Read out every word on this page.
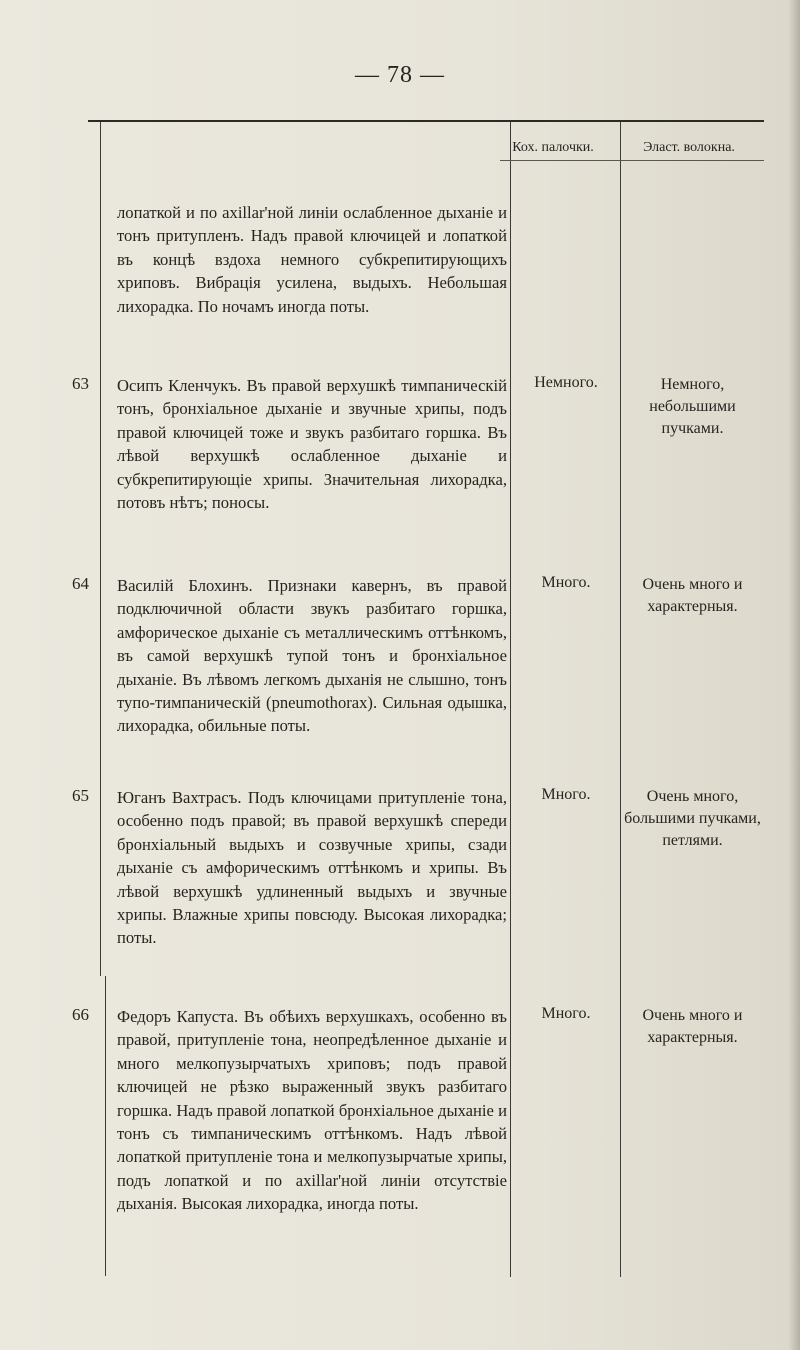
— 78 —
Кох. палочки.	Эласт. волокна.

лопаткой и по axillar'ной линіи ослабленное дыханіе и тонъ притупленъ. Надъ правой ключицей и лопаткой въ концѣ вздоха немного субкрепитирующихъ хриповъ. Вибрація усилена, выдыхъ. Небольшая лихорадка. По ночамъ иногда поты.

63 Осипъ Кленчукъ. Въ правой верхушкѣ тимпаническій тонъ, бронхіальное дыханіе и звучные хрипы, подъ правой ключицей тоже и звукъ разбитаго горшка. Въ лѣвой верхушкѣ ослабленное дыханіе и субкрепитирующіе хрипы. Значительная лихорадка, потовъ нѣтъ; поносы.

Немного.	Немного, небольшими пучками.
64 Василій Блохинъ. Признаки кавернъ, въ правой подключичной области звукъ разбитаго горшка, амфорическое дыханіе съ металлическимъ оттѣнкомъ, въ самой верхушкѣ тупой тонъ и бронхіальное дыханіе. Въ лѣвомъ легкомъ дыханія не слышно, тонъ тупо-тимпаническій (pneumothorax). Сильная одышка, лихорадка, обильные поты.

Много.	Очень много и характерныя.
65 Юганъ Вахтрасъ. Подъ ключицами притупленіе тона, особенно подъ правой; въ правой верхушкѣ спереди бронхіальный выдыхъ и созвучные хрипы, сзади дыханіе съ амфорическимъ оттѣнкомъ и хрипы. Въ лѣвой верхушкѣ удлиненный выдыхъ и звучные хрипы. Влажные хрипы повсюду. Высокая лихорадка; поты.

Много.	Очень много, большими пучками, петлями.
66 Федоръ Капуста. Въ обѣихъ верхушкахъ, особенно въ правой, притупленіе тона, неопредѣленное дыханіе и много мелкопузырчатыхъ хриповъ; подъ правой ключицей не рѣзко выраженный звукъ разбитаго горшка. Надъ правой лопаткой бронхіальное дыханіе и тонъ съ тимпаническимъ оттѣнкомъ. Надъ лѣвой лопаткой притупленіе тона и мелкопузырчатые хрипы, подъ лопаткой и по axillar'ной линіи отсутствіе дыханія. Высокая лихорадка, иногда поты.

Много.	Очень много и характерныя.
